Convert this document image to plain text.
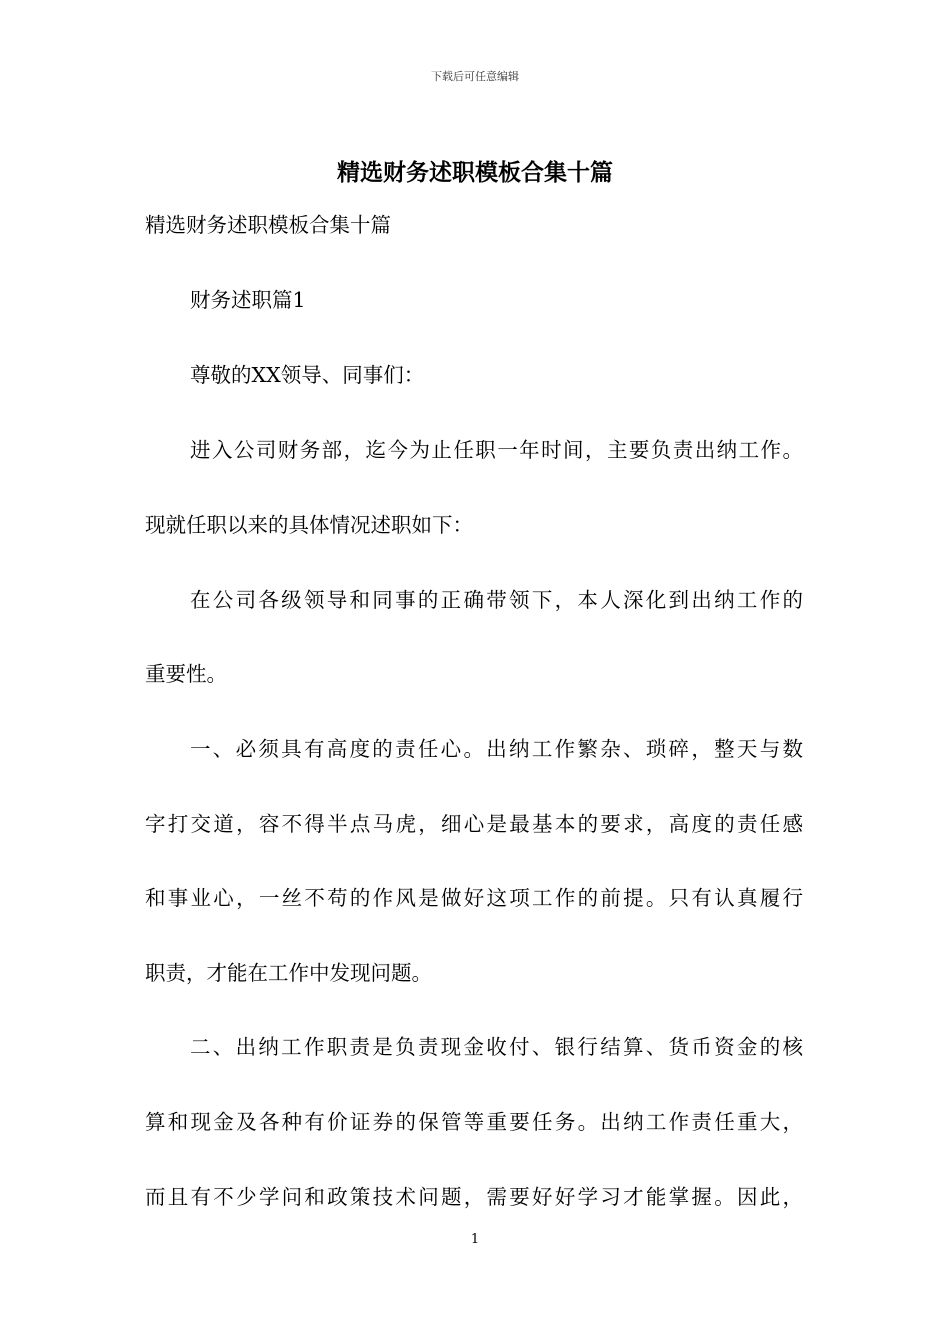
下载后可任意编辑
精选财务述职模板合集十篇

精选财务述职模板合集十篇

财务述职篇1

尊敬的XX领导、同事们：

进入公司财务部，迄今为止任职一年时间，主要负责出纳工作。

现就任职以来的具体情况述职如下：

在公司各级领导和同事的正确带领下，本人深化到出纳工作的

重要性。

一、必须具有高度的责任心。出纳工作繁杂、琐碎，整天与数

字打交道，容不得半点马虎，细心是最基本的要求，高度的责任感

和事业心，一丝不苟的作风是做好这项工作的前提。只有认真履行

职责，才能在工作中发现问题。

二、出纳工作职责是负责现金收付、银行结算、货币资金的核

算和现金及各种有价证券的保管等重要任务。出纳工作责任重大，

而且有不少学问和政策技术问题，需要好好学习才能掌握。因此，

1
